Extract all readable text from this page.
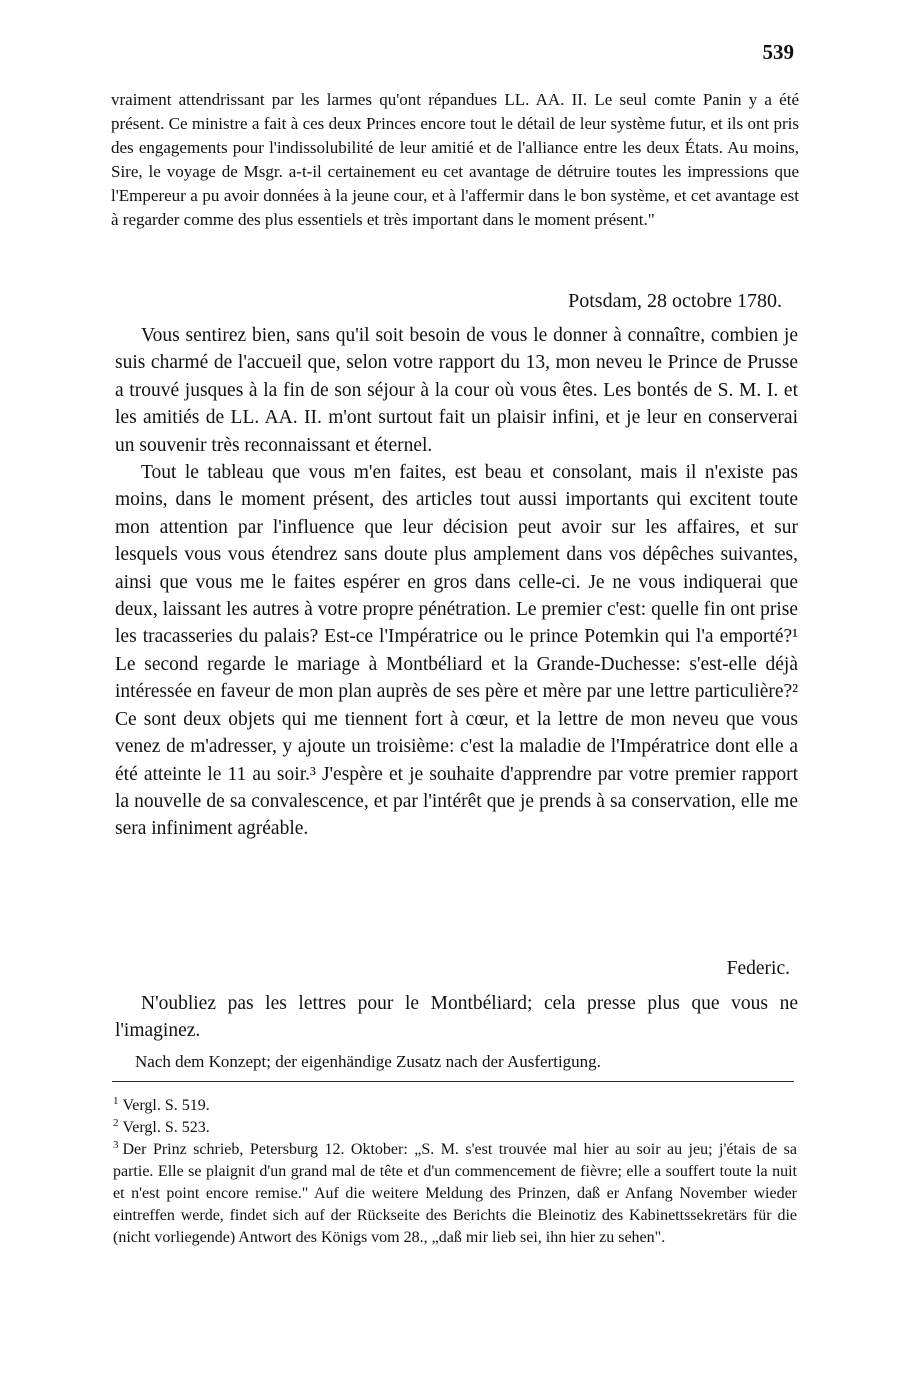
539

vraiment attendrissant par les larmes qu'ont répandues LL. AA. II. Le seul comte Panin y a été présent. Ce ministre a fait à ces deux Princes encore tout le détail de leur système futur, et ils ont pris des engagements pour l'indissolubilité de leur amitié et de l'alliance entre les deux États. Au moins, Sire, le voyage de Msgr. a-t-il certainement eu cet avantage de détruire toutes les impressions que l'Empereur a pu avoir données à la jeune cour, et à l'affermir dans le bon système, et cet avantage est à regarder comme des plus essentiels et très important dans le moment présent."

Potsdam, 28 octobre 1780.

Vous sentirez bien, sans qu'il soit besoin de vous le donner à connaître, combien je suis charmé de l'accueil que, selon votre rapport du 13, mon neveu le Prince de Prusse a trouvé jusques à la fin de son séjour à la cour où vous êtes. Les bontés de S. M. I. et les amitiés de LL. AA. II. m'ont surtout fait un plaisir infini, et je leur en conserverai un souvenir très reconnaissant et éternel.

Tout le tableau que vous m'en faites, est beau et consolant, mais il n'existe pas moins, dans le moment présent, des articles tout aussi importants qui excitent toute mon attention par l'influence que leur décision peut avoir sur les affaires, et sur lesquels vous vous étendrez sans doute plus amplement dans vos dépêches suivantes, ainsi que vous me le faites espérer en gros dans celle-ci. Je ne vous indiquerai que deux, laissant les autres à votre propre pénétration. Le premier c'est: quelle fin ont prise les tracasseries du palais? Est-ce l'Impératrice ou le prince Potemkin qui l'a emporté?¹ Le second regarde le mariage à Montbéliard et la Grande-Duchesse: s'est-elle déjà intéressée en faveur de mon plan auprès de ses père et mère par une lettre particulière?² Ce sont deux objets qui me tiennent fort à cœur, et la lettre de mon neveu que vous venez de m'adresser, y ajoute un troisième: c'est la maladie de l'Impératrice dont elle a été atteinte le 11 au soir.³ J'espère et je souhaite d'apprendre par votre premier rapport la nouvelle de sa convalescence, et par l'intérêt que je prends à sa conservation, elle me sera infiniment agréable.

Federic.

N'oubliez pas les lettres pour le Montbéliard; cela presse plus que vous ne l'imaginez.

Nach dem Konzept; der eigenhändige Zusatz nach der Ausfertigung.

$^1$ Vergl. S. 519.

$^2$ Vergl. S. 523.

$^3$ Der Prinz schrieb, Petersburg 12. Oktober: „S. M. s'est trouvée mal hier au soir au jeu; j'étais de sa partie. Elle se plaignit d'un grand mal de tête et d'un commencement de fièvre; elle a souffert toute la nuit et n'est point encore remise." Auf die weitere Meldung des Prinzen, daß er Anfang November wieder eintreffen werde, findet sich auf der Rückseite des Berichts die Bleinotiz des Kabinettssekretärs für die (nicht vorliegende) Antwort des Königs vom 28., „daß mir lieb sei, ihn hier zu sehen".
